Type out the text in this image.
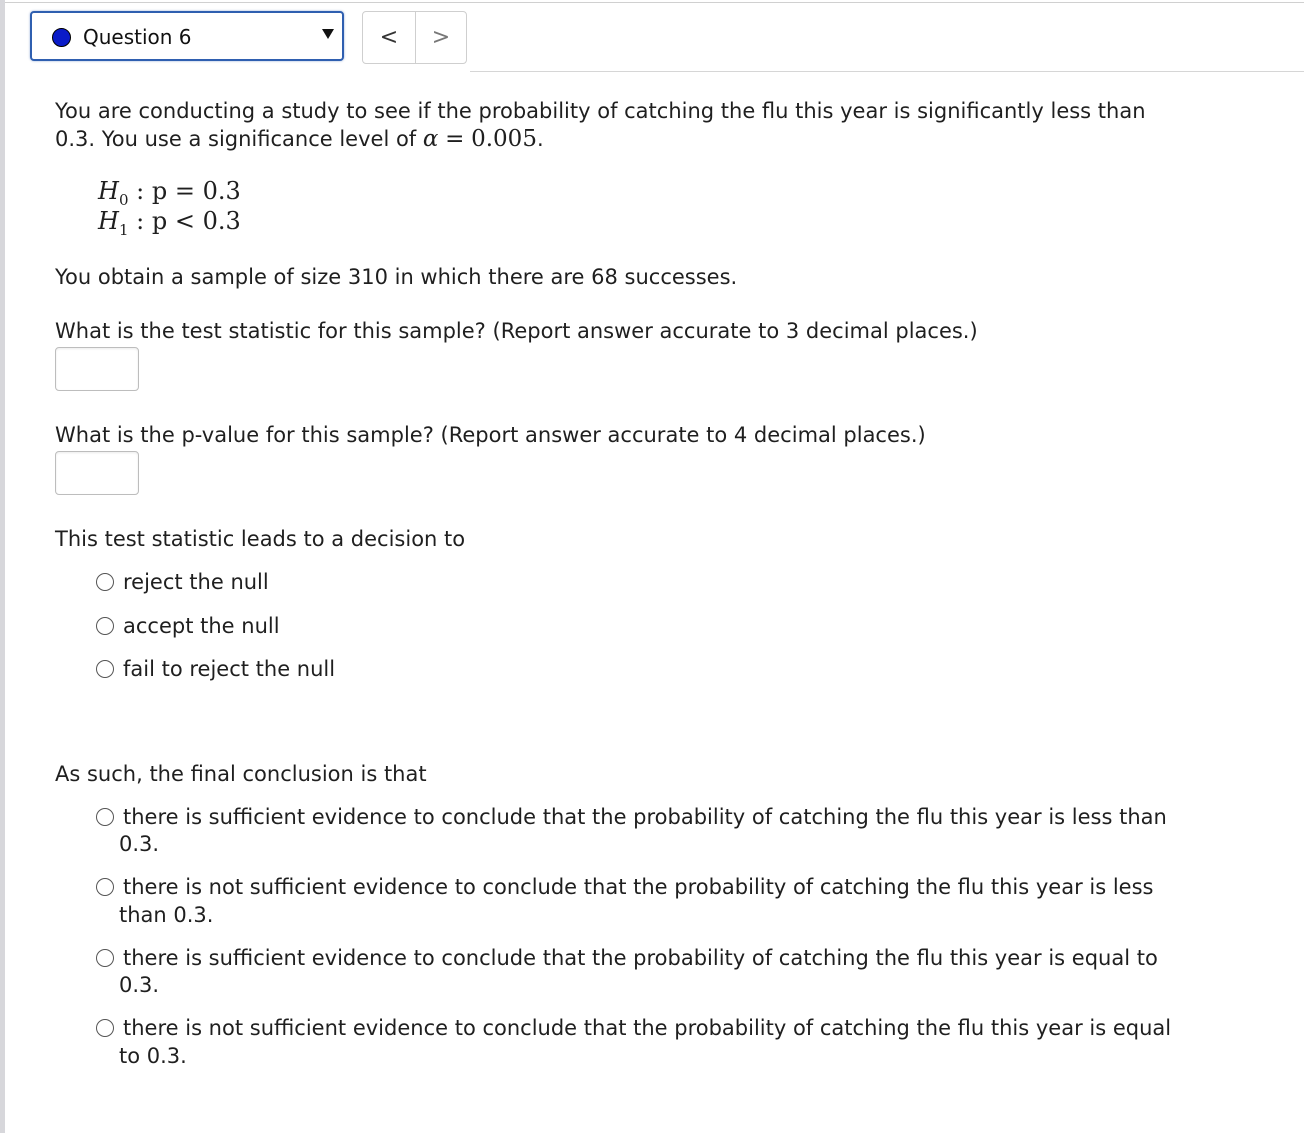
Question 6	<	>
You are conducting a study to see if the probability of catching the flu this year is significantly less than
0.3. You use a significance level of α = 0.005.
$H_0$ : p = 0.3
$H_1$ : p < 0.3
You obtain a sample of size 310 in which there are 68 successes.
What is the test statistic for this sample? (Report answer accurate to 3 decimal places.)
What is the p-value for this sample? (Report answer accurate to 4 decimal places.)
This test statistic leads to a decision to
reject the null
accept the null
fail to reject the null
As such, the final conclusion is that
there is sufficient evidence to conclude that the probability of catching the flu this year is less than
0.3.
there is not sufficient evidence to conclude that the probability of catching the flu this year is less
than 0.3.
there is sufficient evidence to conclude that the probability of catching the flu this year is equal to
0.3.
there is not sufficient evidence to conclude that the probability of catching the flu this year is equal
to 0.3.
